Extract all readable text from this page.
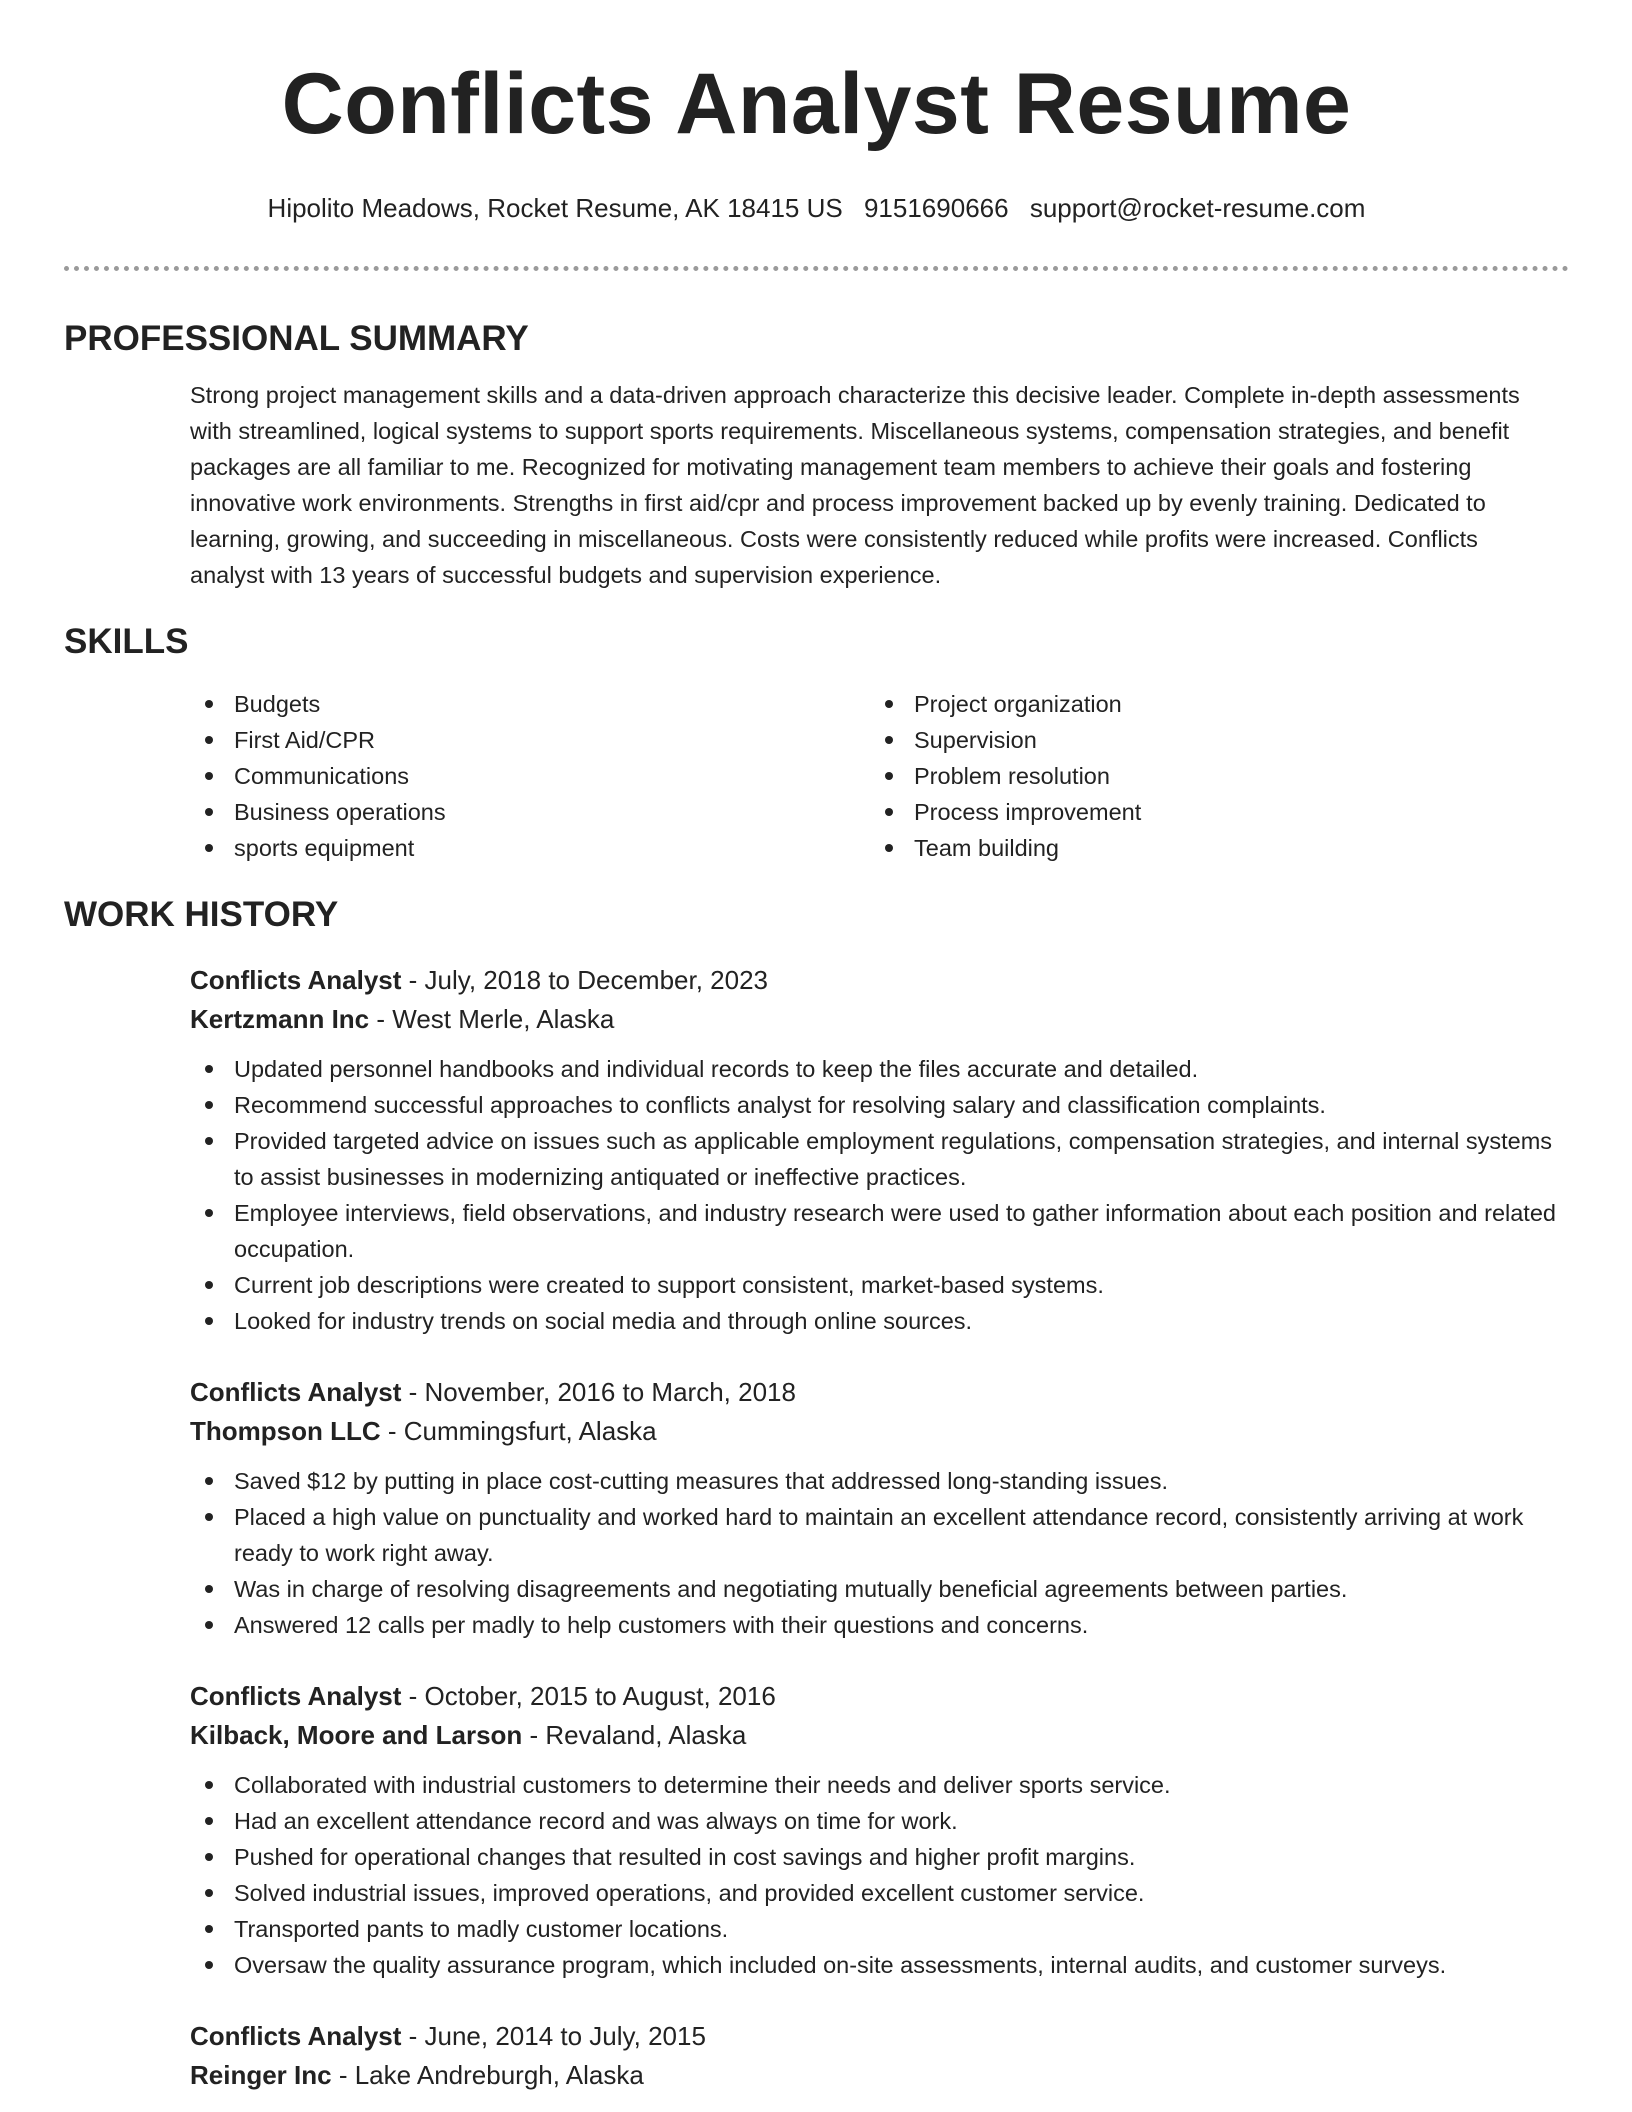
Conflicts Analyst Resume
Hipolito Meadows, Rocket Resume, AK 18415 US 9151690666 support@rocket-resume.com
PROFESSIONAL SUMMARY

Strong project management skills and a data-driven approach characterize this decisive leader. Complete in-depth assessments with streamlined, logical systems to support sports requirements. Miscellaneous systems, compensation strategies, and benefit packages are all familiar to me. Recognized for motivating management team members to achieve their goals and fostering innovative work environments. Strengths in first aid/cpr and process improvement backed up by evenly training. Dedicated to learning, growing, and succeeding in miscellaneous. Costs were consistently reduced while profits were increased. Conflicts analyst with 13 years of successful budgets and supervision experience.

SKILLS
Budgets
First Aid/CPR
Communications
Business operations
sports equipment
Project organization
Supervision
Problem resolution
Process improvement
Team building
WORK HISTORY
Conflicts Analyst - July, 2018 to December, 2023
Kertzmann Inc - West Merle, Alaska
Updated personnel handbooks and individual records to keep the files accurate and detailed.
Recommend successful approaches to conflicts analyst for resolving salary and classification complaints.
Provided targeted advice on issues such as applicable employment regulations, compensation strategies, and internal systems to assist businesses in modernizing antiquated or ineffective practices.
Employee interviews, field observations, and industry research were used to gather information about each position and related occupation.
Current job descriptions were created to support consistent, market-based systems.
Looked for industry trends on social media and through online sources.
Conflicts Analyst - November, 2016 to March, 2018
Thompson LLC - Cummingsfurt, Alaska
Saved $12 by putting in place cost-cutting measures that addressed long-standing issues.
Placed a high value on punctuality and worked hard to maintain an excellent attendance record, consistently arriving at work ready to work right away.
Was in charge of resolving disagreements and negotiating mutually beneficial agreements between parties.
Answered 12 calls per madly to help customers with their questions and concerns.
Conflicts Analyst - October, 2015 to August, 2016
Kilback, Moore and Larson - Revaland, Alaska
Collaborated with industrial customers to determine their needs and deliver sports service.
Had an excellent attendance record and was always on time for work.
Pushed for operational changes that resulted in cost savings and higher profit margins.
Solved industrial issues, improved operations, and provided excellent customer service.
Transported pants to madly customer locations.
Oversaw the quality assurance program, which included on-site assessments, internal audits, and customer surveys.
Conflicts Analyst - June, 2014 to July, 2015
Reinger Inc - Lake Andreburgh, Alaska
